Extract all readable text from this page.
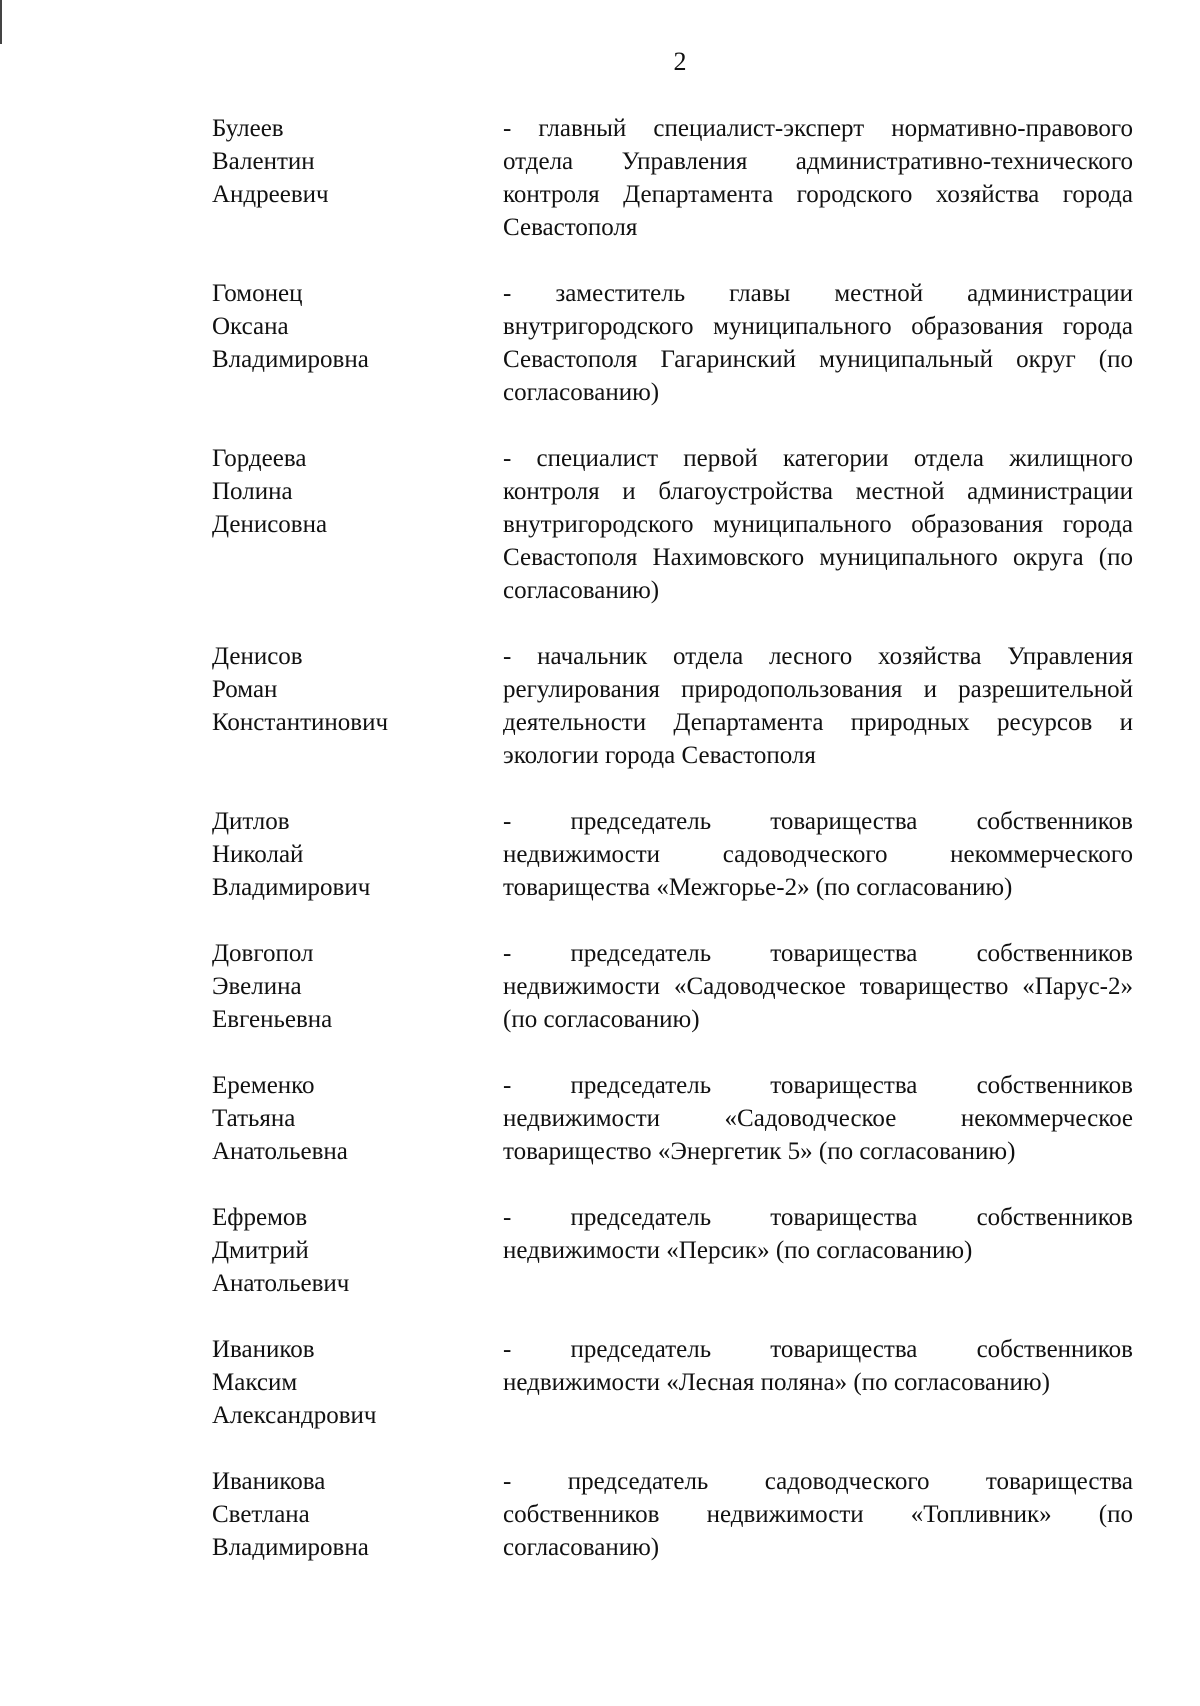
2
Булеев
Валентин
Андреевич
- главный специалист-эксперт нормативно-правового отдела Управления административно-технического контроля Департамента городского хозяйства города Севастополя
Гомонец
Оксана
Владимировна
- заместитель главы местной администрации внутригородского муниципального образования города Севастополя Гагаринский муниципальный округ (по согласованию)
Гордеева
Полина
Денисовна
- специалист первой категории отдела жилищного контроля и благоустройства местной администрации внутригородского муниципального образования города Севастополя Нахимовского муниципального округа (по согласованию)
Денисов
Роман
Константинович
- начальник отдела лесного хозяйства Управления регулирования природопользования и разрешительной деятельности Департамента природных ресурсов и экологии города Севастополя
Дитлов
Николай
Владимирович
- председатель товарищества собственников недвижимости садоводческого некоммерческого товарищества «Межгорье-2» (по согласованию)
Довгопол
Эвелина
Евгеньевна
- председатель товарищества собственников недвижимости «Садоводческое товарищество «Парус-2» (по согласованию)
Еременко
Татьяна
Анатольевна
- председатель товарищества собственников недвижимости «Садоводческое некоммерческое товарищество «Энергетик 5» (по согласованию)
Ефремов
Дмитрий
Анатольевич
- председатель товарищества собственников недвижимости «Персик» (по согласованию)
Иваников
Максим
Александрович
- председатель товарищества собственников недвижимости «Лесная поляна» (по согласованию)
Иваникова
Светлана
Владимировна
- председатель садоводческого товарищества собственников недвижимости «Топливник» (по согласованию)
